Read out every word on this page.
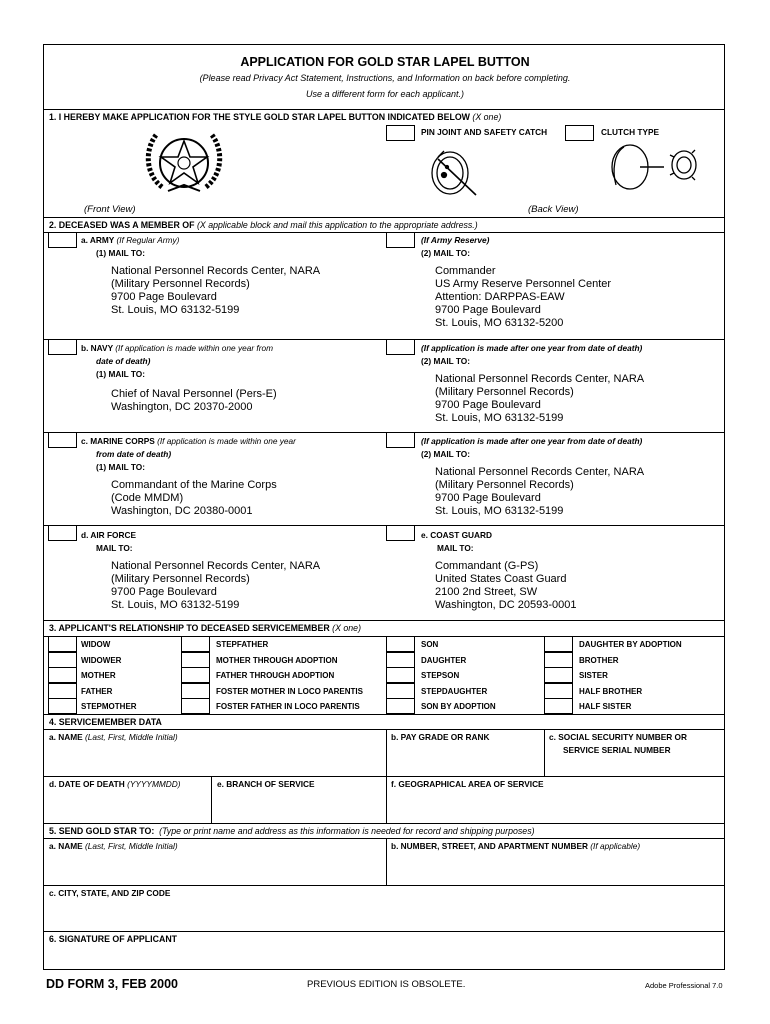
APPLICATION FOR GOLD STAR LAPEL BUTTON
(Please read Privacy Act Statement, Instructions, and Information on back before completing.
Use a different form for each applicant.)
1. I HEREBY MAKE APPLICATION FOR THE STYLE GOLD STAR LAPEL BUTTON INDICATED BELOW (X one)
PIN JOINT AND SAFETY CATCH	CLUTCH TYPE
(Front View)	(Back View)
2. DECEASED WAS A MEMBER OF (X applicable block and mail this application to the appropriate address.)
a. ARMY (If Regular Army)
(1) MAIL TO:
National Personnel Records Center, NARA
(Military Personnel Records)
9700 Page Boulevard
St. Louis, MO 63132-5199
(If Army Reserve)
(2) MAIL TO:
Commander
US Army Reserve Personnel Center
Attention: DARPPAS-EAW
9700 Page Boulevard
St. Louis, MO 63132-5200
b. NAVY (If application is made within one year from
date of death)
(1) MAIL TO:
Chief of Naval Personnel (Pers-E)
Washington, DC 20370-2000
(If application is made after one year from date of death)
(2) MAIL TO:
National Personnel Records Center, NARA
(Military Personnel Records)
9700 Page Boulevard
St. Louis, MO 63132-5199
c. MARINE CORPS (If application is made within one year
from date of death)
(1) MAIL TO:
Commandant of the Marine Corps
(Code MMDM)
Washington, DC 20380-0001
(If application is made after one year from date of death)
(2) MAIL TO:
National Personnel Records Center, NARA
(Military Personnel Records)
9700 Page Boulevard
St. Louis, MO 63132-5199
d. AIR FORCE
MAIL TO:
National Personnel Records Center, NARA
(Military Personnel Records)
9700 Page Boulevard
St. Louis, MO 63132-5199
e. COAST GUARD
MAIL TO:
Commandant (G-PS)
United States Coast Guard
2100 2nd Street, SW
Washington, DC 20593-0001
3. APPLICANT'S RELATIONSHIP TO DECEASED SERVICEMEMBER (X one)
WIDOW
WIDOWER
MOTHER
FATHER
STEPMOTHER
STEPFATHER
MOTHER THROUGH ADOPTION
FATHER THROUGH ADOPTION
FOSTER MOTHER IN LOCO PARENTIS
FOSTER FATHER IN LOCO PARENTIS
SON
DAUGHTER
STEPSON
STEPDAUGHTER
SON BY ADOPTION
DAUGHTER BY ADOPTION
BROTHER
SISTER
HALF BROTHER
HALF SISTER
4. SERVICEMEMBER DATA
a. NAME (Last, First, Middle Initial)	b. PAY GRADE OR RANK	c. SOCIAL SECURITY NUMBER OR
SERVICE SERIAL NUMBER
d. DATE OF DEATH (YYYYMMDD)	e. BRANCH OF SERVICE	f. GEOGRAPHICAL AREA OF SERVICE
5. SEND GOLD STAR TO: (Type or print name and address as this information is needed for record and shipping purposes)
a. NAME (Last, First, Middle Initial)	b. NUMBER, STREET, AND APARTMENT NUMBER (If applicable)
c. CITY, STATE, AND ZIP CODE
6. SIGNATURE OF APPLICANT
DD FORM 3, FEB 2000	PREVIOUS EDITION IS OBSOLETE.	Adobe Professional 7.0
